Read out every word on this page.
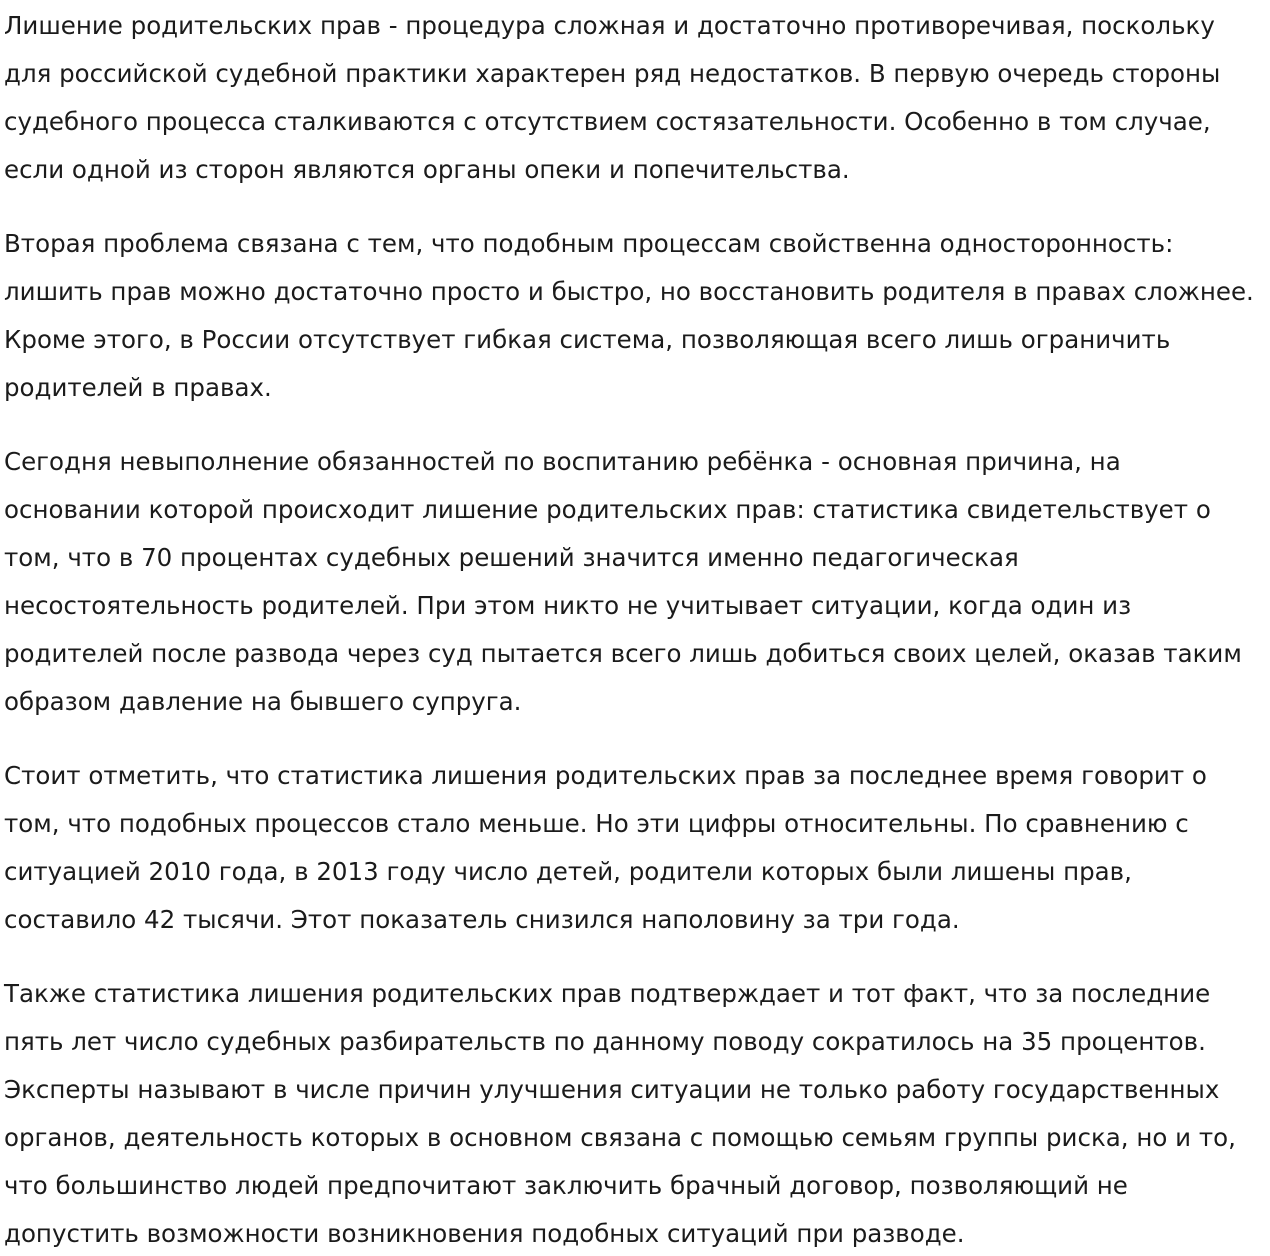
Лишение родительских прав - процедура сложная и достаточно противоречивая, поскольку для российской судебной практики характерен ряд недостатков. В первую очередь стороны судебного процесса сталкиваются с отсутствием состязательности. Особенно в том случае, если одной из сторон являются органы опеки и попечительства.

Вторая проблема связана с тем, что подобным процессам свойственна односторонность: лишить прав можно достаточно просто и быстро, но восстановить родителя в правах сложнее. Кроме этого, в России отсутствует гибкая система, позволяющая всего лишь ограничить родителей в правах.

Сегодня невыполнение обязанностей по воспитанию ребёнка - основная причина, на основании которой происходит лишение родительских прав: статистика свидетельствует о том, что в 70 процентах судебных решений значится именно педагогическая несостоятельность родителей. При этом никто не учитывает ситуации, когда один из родителей после развода через суд пытается всего лишь добиться своих целей, оказав таким образом давление на бывшего супруга.

Стоит отметить, что статистика лишения родительских прав за последнее время говорит о том, что подобных процессов стало меньше. Но эти цифры относительны. По сравнению с ситуацией 2010 года, в 2013 году число детей, родители которых были лишены прав, составило 42 тысячи. Этот показатель снизился наполовину за три года.

Также статистика лишения родительских прав подтверждает и тот факт, что за последние пять лет число судебных разбирательств по данному поводу сократилось на 35 процентов. Эксперты называют в числе причин улучшения ситуации не только работу государственных органов, деятельность которых в основном связана с помощью семьям группы риска, но и то, что большинство людей предпочитают заключить брачный договор, позволяющий не допустить возможности возникновения подобных ситуаций при разводе.
